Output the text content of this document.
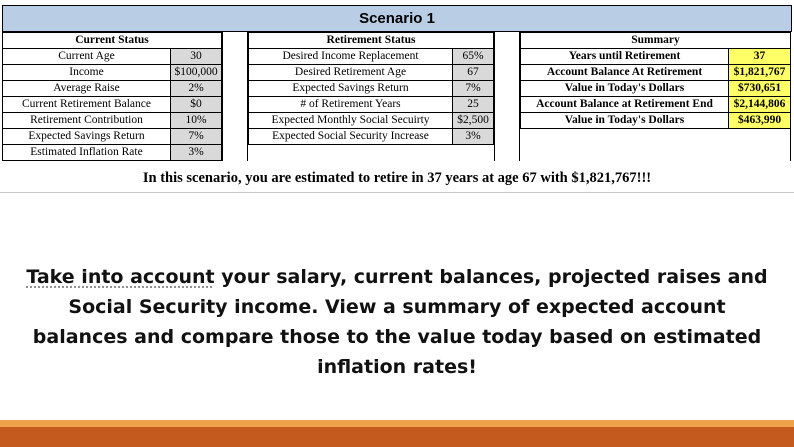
Scenario 1
Current Status	
Current Age	30
Income	$100,000
Average Raise	2%
Current Retirement Balance	$0
Retirement Contribution	10%
Expected Savings Return	7%
Estimated Inflation Rate	3%
Retirement Status	
Desired Income Replacement	65%
Desired Retirement Age	67
Expected Savings Return	7%
# of Retirement Years	25
Expected Monthly Social Secuirty	$2,500
Expected Social Security Increase	3%
Summary	
Years until Retirement	37
Account Balance At Retirement	$1,821,767
Value in Today's Dollars	$730,651
Account Balance at Retirement End	$2,144,806
Value in Today's Dollars	$463,990
In this scenario, you are estimated to retire in 37 years at age 67 with $1,821,767!!!
Take into account your salary, current balances, projected raises and Social Security income. View a summary of expected account balances and compare those to the value today based on estimated inflation rates!
